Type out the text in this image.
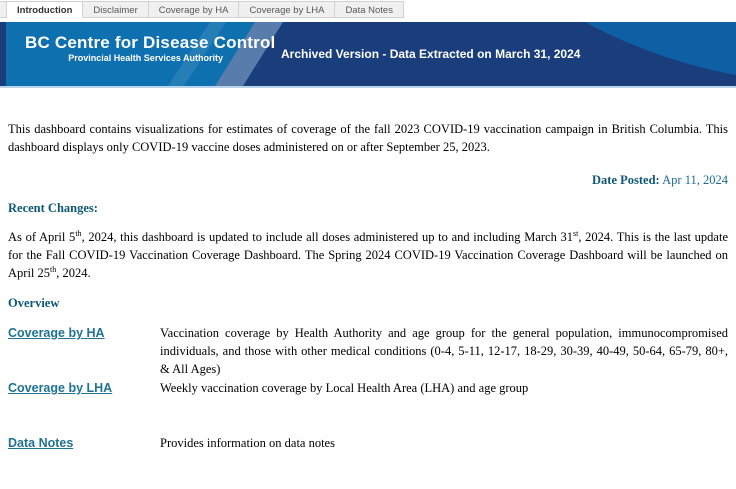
Introduction	Disclaimer	Coverage by HA	Coverage by LHA	Data Notes
BC Centre for Disease Control
Provincial Health Services Authority	Archived Version - Data Extracted on March 31, 2024

This dashboard contains visualizations for estimates of coverage of the fall 2023 COVID-19 vaccination campaign in British Columbia. This dashboard displays only COVID-19 vaccine doses administered on or after September 25, 2023.

Date Posted: Apr 11, 2024
Recent Changes:

As of April 5th, 2024, this dashboard is updated to include all doses administered up to and including March 31st, 2024. This is the last update for the Fall COVID-19 Vaccination Coverage Dashboard. The Spring 2024 COVID-19 Vaccination Coverage Dashboard will be launched on April 25th, 2024.

Overview
Coverage by HA	Vaccination coverage by Health Authority and age group for the general population, immunocompromised individuals, and those with other medical conditions (0-4, 5-11, 12-17, 18-29, 30-39, 40-49, 50-64, 65-79, 80+, & All Ages)
Coverage by LHA	Weekly vaccination coverage by Local Health Area (LHA) and age group
Data Notes	Provides information on data notes
